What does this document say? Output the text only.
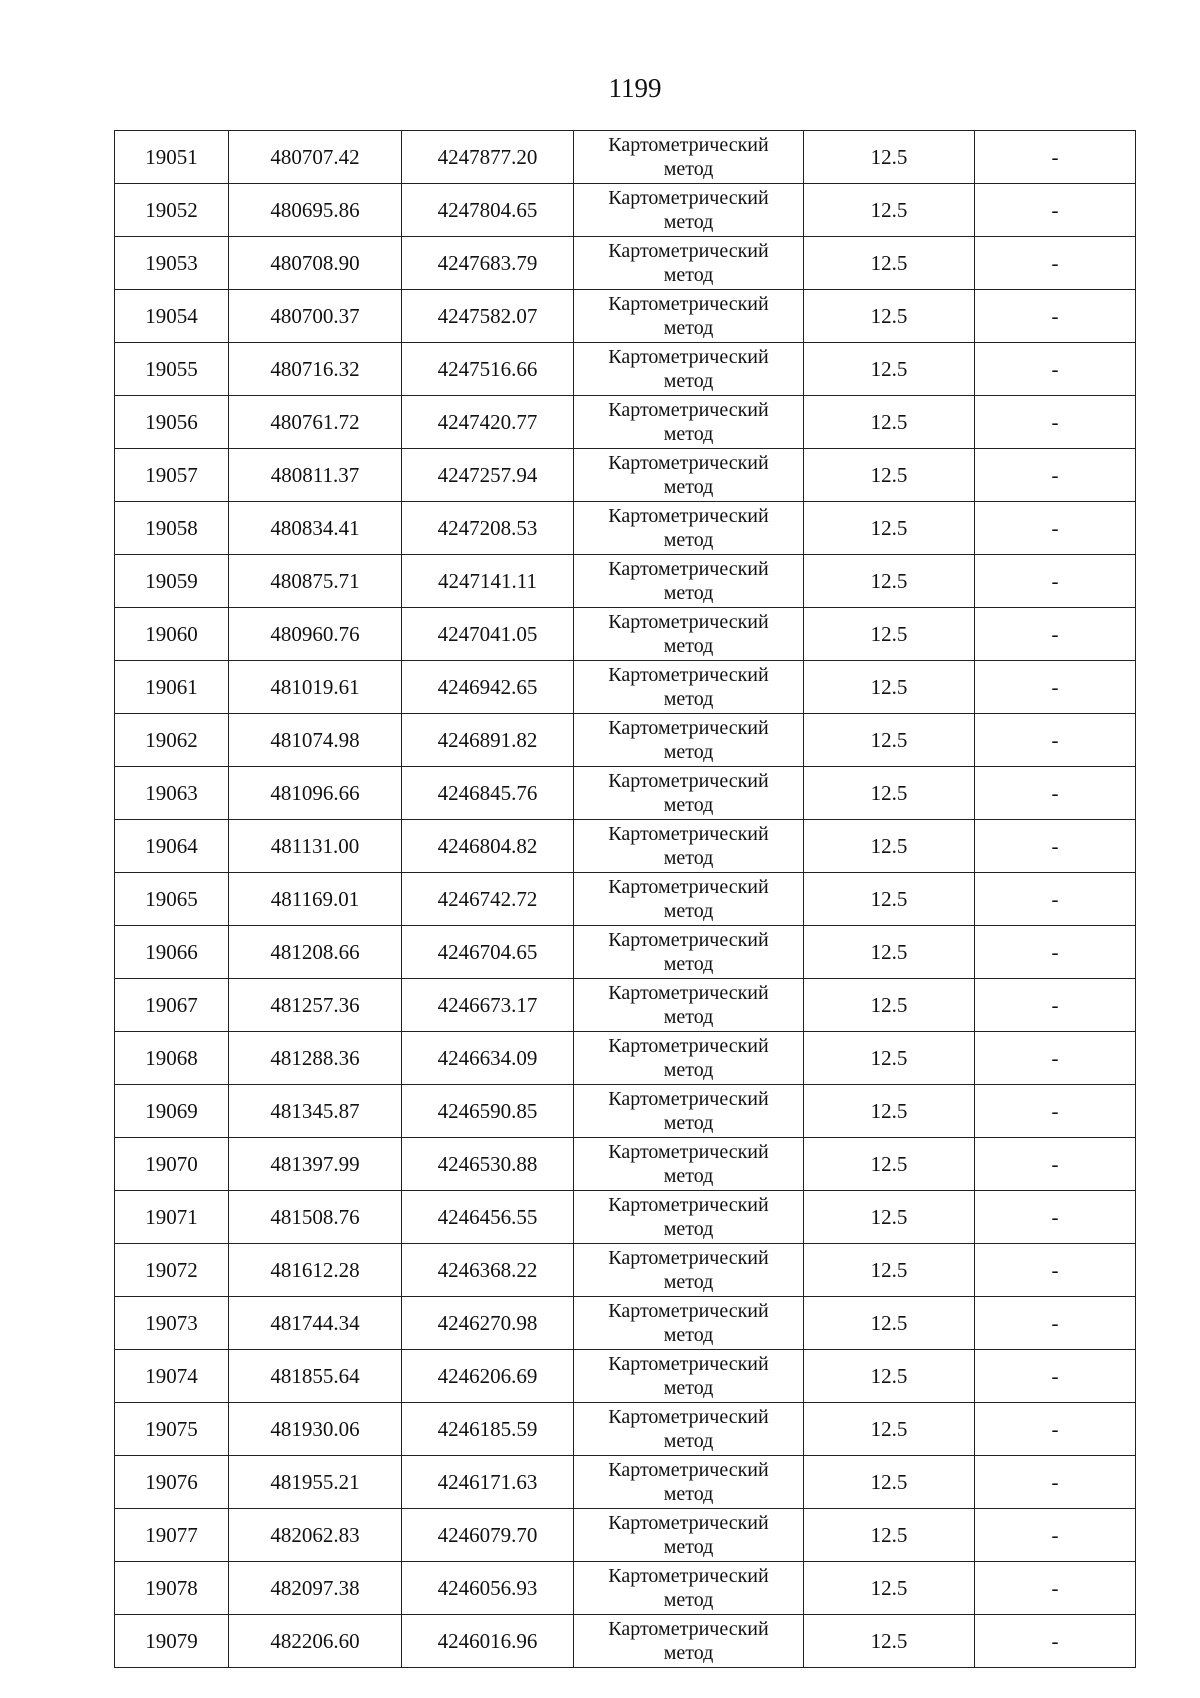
1199
19051	480707.42	4247877.20	Картометрический
метод	12.5	-
19052	480695.86	4247804.65	Картометрический
метод	12.5	-
19053	480708.90	4247683.79	Картометрический
метод	12.5	-
19054	480700.37	4247582.07	Картометрический
метод	12.5	-
19055	480716.32	4247516.66	Картометрический
метод	12.5	-
19056	480761.72	4247420.77	Картометрический
метод	12.5	-
19057	480811.37	4247257.94	Картометрический
метод	12.5	-
19058	480834.41	4247208.53	Картометрический
метод	12.5	-
19059	480875.71	4247141.11	Картометрический
метод	12.5	-
19060	480960.76	4247041.05	Картометрический
метод	12.5	-
19061	481019.61	4246942.65	Картометрический
метод	12.5	-
19062	481074.98	4246891.82	Картометрический
метод	12.5	-
19063	481096.66	4246845.76	Картометрический
метод	12.5	-
19064	481131.00	4246804.82	Картометрический
метод	12.5	-
19065	481169.01	4246742.72	Картометрический
метод	12.5	-
19066	481208.66	4246704.65	Картометрический
метод	12.5	-
19067	481257.36	4246673.17	Картометрический
метод	12.5	-
19068	481288.36	4246634.09	Картометрический
метод	12.5	-
19069	481345.87	4246590.85	Картометрический
метод	12.5	-
19070	481397.99	4246530.88	Картометрический
метод	12.5	-
19071	481508.76	4246456.55	Картометрический
метод	12.5	-
19072	481612.28	4246368.22	Картометрический
метод	12.5	-
19073	481744.34	4246270.98	Картометрический
метод	12.5	-
19074	481855.64	4246206.69	Картометрический
метод	12.5	-
19075	481930.06	4246185.59	Картометрический
метод	12.5	-
19076	481955.21	4246171.63	Картометрический
метод	12.5	-
19077	482062.83	4246079.70	Картометрический
метод	12.5	-
19078	482097.38	4246056.93	Картометрический
метод	12.5	-
19079	482206.60	4246016.96	Картометрический
метод	12.5	-
